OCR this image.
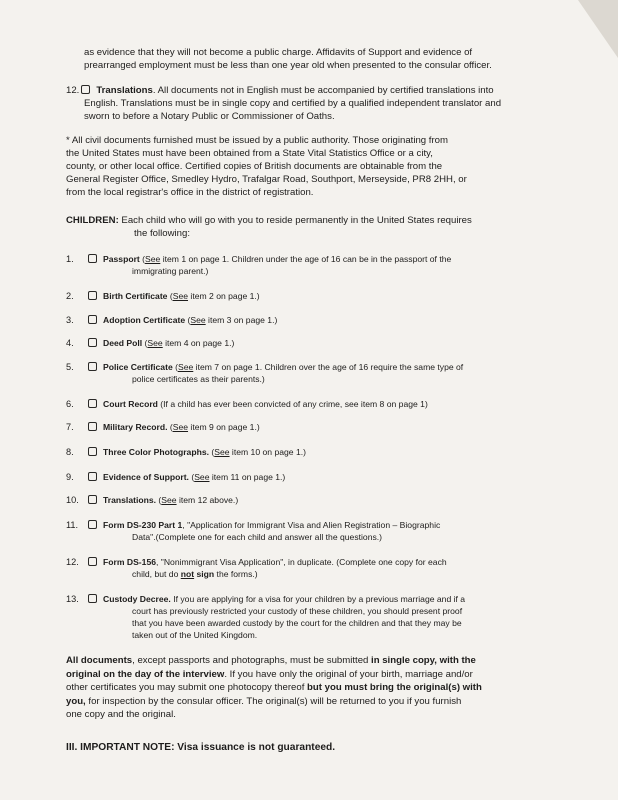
as evidence that they will not become a public charge. Affidavits of Support and evidence of
prearranged employment must be less than one year old when presented to the consular officer.
12. Translations. All documents not in English must be accompanied by certified translations into
English. Translations must be in single copy and certified by a qualified independent translator and
sworn to before a Notary Public or Commissioner of Oaths.
* All civil documents furnished must be issued by a public authority. Those originating from
the United States must have been obtained from a State Vital Statistics Office or a city,
county, or other local office. Certified copies of British documents are obtainable from the
General Register Office, Smedley Hydro, Trafalgar Road, Southport, Merseyside, PR8 2HH, or
from the local registrar's office in the district of registration.
CHILDREN: Each child who will go with you to reside permanently in the United States requires
the following:
1.	Passport (See item 1 on page 1. Children under the age of 16 can be in the passport of the
immigrating parent.)
2.	Birth Certificate (See item 2 on page 1.)
3.	Adoption Certificate (See item 3 on page 1.)
4.	Deed Poll (See item 4 on page 1.)
5.	Police Certificate (See item 7 on page 1. Children over the age of 16 require the same type of
police certificates as their parents.)
6.	Court Record (If a child has ever been convicted of any crime, see item 8 on page 1)
7.	Military Record. (See item 9 on page 1.)
8.	Three Color Photographs. (See item 10 on page 1.)
9.	Evidence of Support. (See item 11 on page 1.)
10.	Translations. (See item 12 above.)
11.	Form DS-230 Part 1, "Application for Immigrant Visa and Alien Registration – Biographic
Data".(Complete one for each child and answer all the questions.)
12.	Form DS-156, "Nonimmigrant Visa Application", in duplicate. (Complete one copy for each
child, but do not sign the forms.)
13.	Custody Decree. If you are applying for a visa for your children by a previous marriage and if a
court has previously restricted your custody of these children, you should present proof
that you have been awarded custody by the court for the children and that they may be
taken out of the United Kingdom.
All documents, except passports and photographs, must be submitted in single copy, with the
original on the day of the interview. If you have only the original of your birth, marriage and/or
other certificates you may submit one photocopy thereof but you must bring the original(s) with
you, for inspection by the consular officer. The original(s) will be returned to you if you furnish
one copy and the original.
III. IMPORTANT NOTE: Visa issuance is not guaranteed.
